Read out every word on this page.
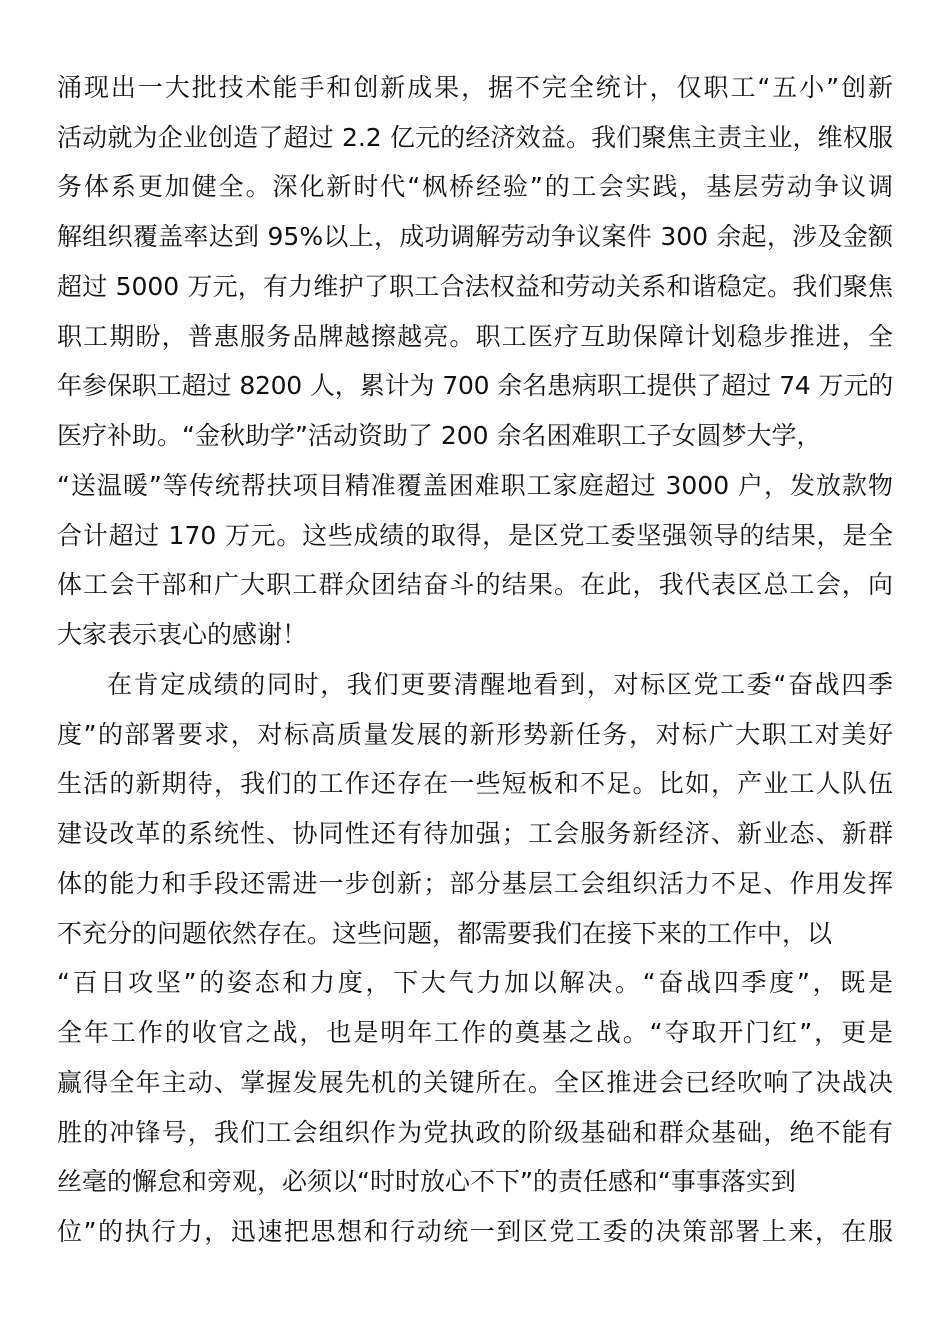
涌现出一大批技术能手和创新成果，据不完全统计，仅职工“五小”创新
活动就为企业创造了超过 2.2 亿元的经济效益。我们聚焦主责主业，维权服
务体系更加健全。深化新时代“枫桥经验”的工会实践，基层劳动争议调
解组织覆盖率达到 95%以上，成功调解劳动争议案件 300 余起，涉及金额
超过 5000 万元，有力维护了职工合法权益和劳动关系和谐稳定。我们聚焦
职工期盼，普惠服务品牌越擦越亮。职工医疗互助保障计划稳步推进，全
年参保职工超过 8200 人，累计为 700 余名患病职工提供了超过 74 万元的
医疗补助。“金秋助学”活动资助了 200 余名困难职工子女圆梦大学，
“送温暖”等传统帮扶项目精准覆盖困难职工家庭超过 3000 户，发放款物
合计超过 170 万元。这些成绩的取得，是区党工委坚强领导的结果，是全
体工会干部和广大职工群众团结奋斗的结果。在此，我代表区总工会，向
大家表示衷心的感谢！
在肯定成绩的同时，我们更要清醒地看到，对标区党工委“奋战四季
度”的部署要求，对标高质量发展的新形势新任务，对标广大职工对美好
生活的新期待，我们的工作还存在一些短板和不足。比如，产业工人队伍
建设改革的系统性、协同性还有待加强；工会服务新经济、新业态、新群
体的能力和手段还需进一步创新；部分基层工会组织活力不足、作用发挥
不充分的问题依然存在。这些问题，都需要我们在接下来的工作中，以
“百日攻坚”的姿态和力度，下大气力加以解决。“奋战四季度”，既是
全年工作的收官之战，也是明年工作的奠基之战。“夺取开门红”，更是
赢得全年主动、掌握发展先机的关键所在。全区推进会已经吹响了决战决
胜的冲锋号，我们工会组织作为党执政的阶级基础和群众基础，绝不能有
丝毫的懈怠和旁观，必须以“时时放心不下”的责任感和“事事落实到
位”的执行力，迅速把思想和行动统一到区党工委的决策部署上来，在服
